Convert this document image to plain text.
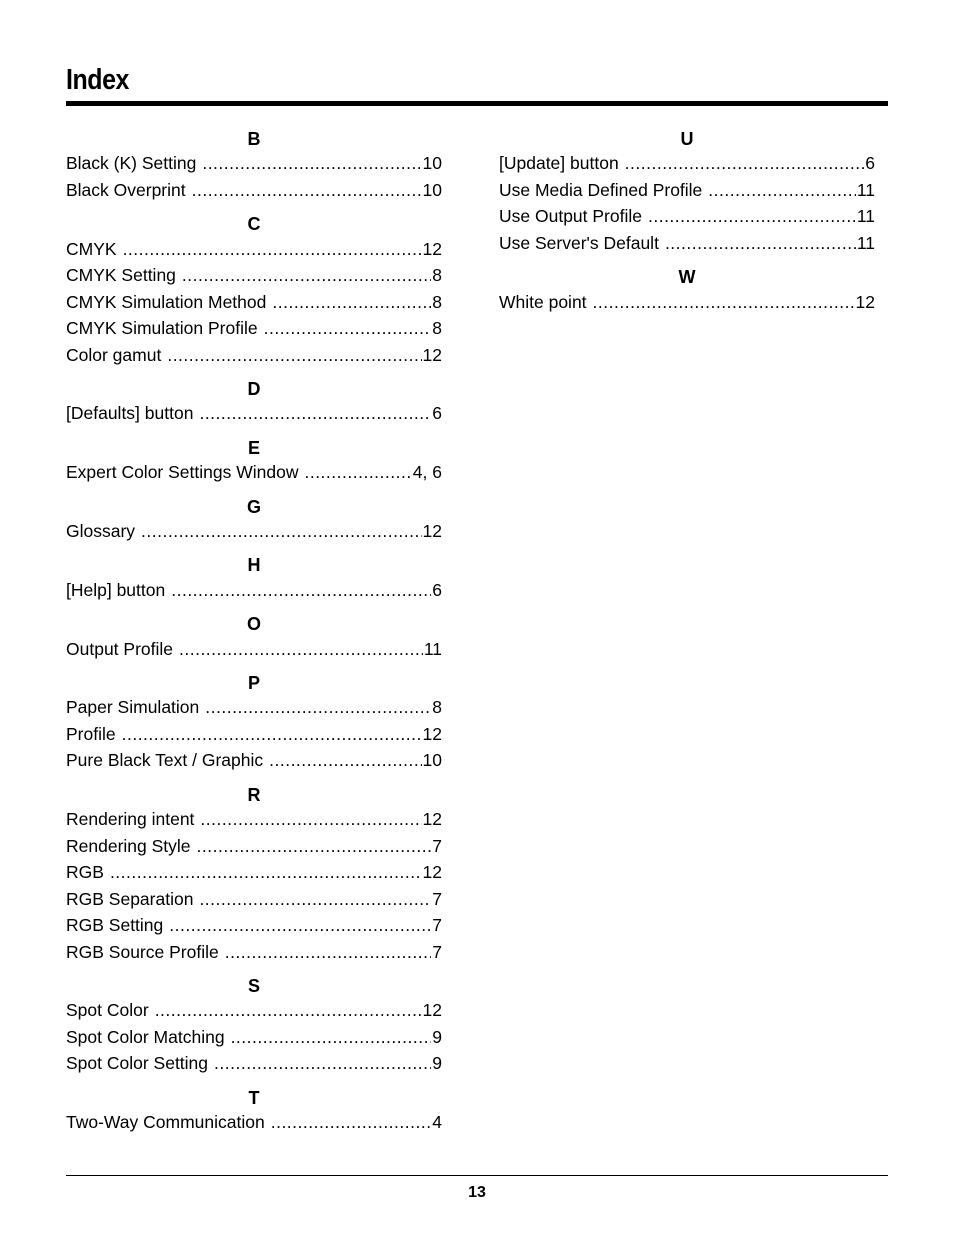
Index
B
Black (K) Setting .....	10
Black Overprint .....	10
C
CMYK .....	12
CMYK Setting .....	8
CMYK Simulation Method .....	8
CMYK Simulation Profile .....	8
Color gamut .....	12
D
[Defaults] button .....	6
E
Expert Color Settings Window .....	4, 6
G
Glossary .....	12
H
[Help] button .....	6
O
Output Profile .....	11
P
Paper Simulation .....	8
Profile .....	12
Pure Black Text / Graphic .....	10
R
Rendering intent .....	12
Rendering Style .....	7
RGB .....	12
RGB Separation .....	7
RGB Setting .....	7
RGB Source Profile .....	7
S
Spot Color .....	12
Spot Color Matching .....	9
Spot Color Setting .....	9
T
Two-Way Communication .....	4
U
[Update] button .....	6
Use Media Defined Profile .....	11
Use Output Profile .....	11
Use Server's Default .....	11
W
White point .....	12
13
